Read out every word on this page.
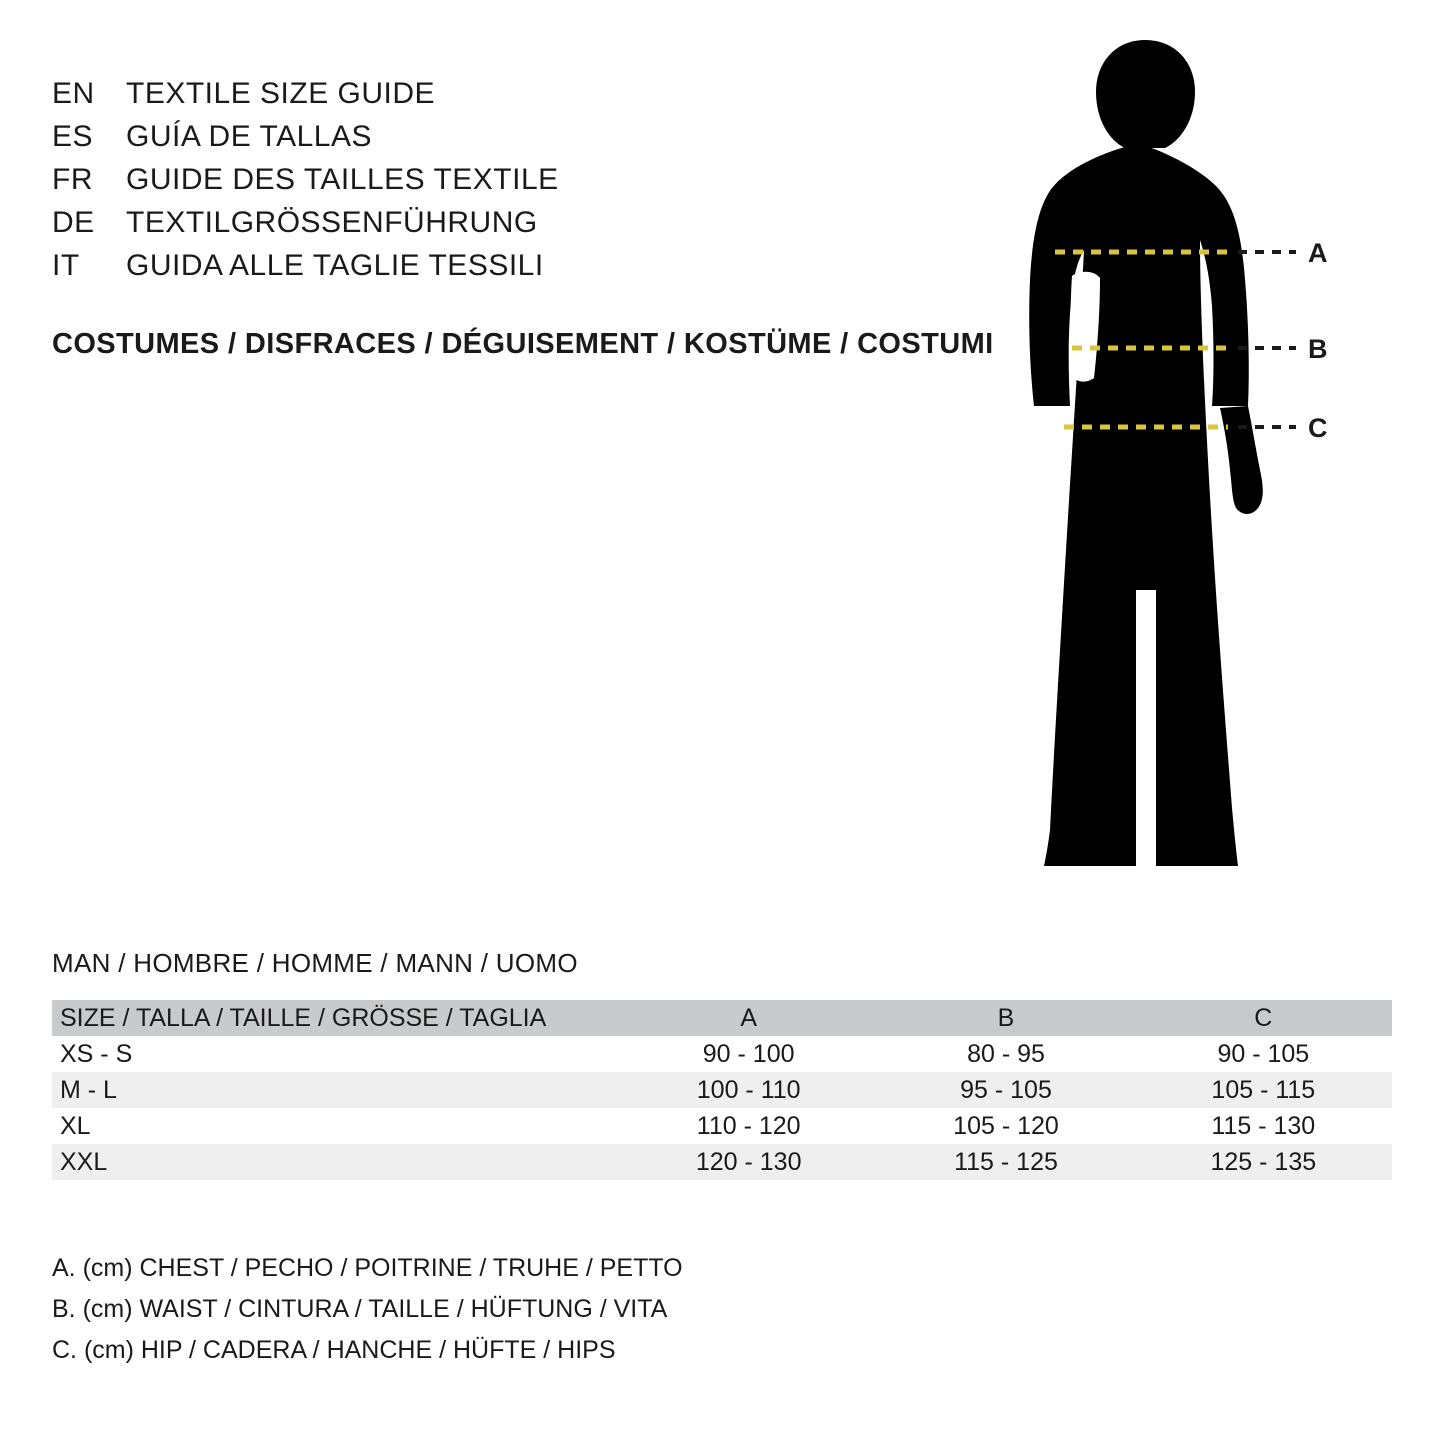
EN	TEXTILE SIZE GUIDE
ES	GUÍA DE TALLAS
FR	GUIDE DES TAILLES TEXTILE
DE	TEXTILGRÖSSENFÜHRUNG
IT	GUIDA ALLE TAGLIE TESSILI
COSTUMES / DISFRACES / DÉGUISEMENT / KOSTÜME / COSTUMI
A
B
C
MAN / HOMBRE / HOMME / MANN / UOMO
SIZE / TALLA / TAILLE / GRÖSSE / TAGLIA	A	B	C
XS - S	90 - 100	80 - 95	90 - 105
M - L	100 - 110	95 - 105	105 - 115
XL	110 - 120	105 - 120	115 - 130
XXL	120 - 130	115 - 125	125 - 135
A. (cm) CHEST / PECHO / POITRINE / TRUHE / PETTO
B. (cm) WAIST / CINTURA / TAILLE / HÜFTUNG / VITA
C. (cm) HIP / CADERA / HANCHE / HÜFTE / HIPS
